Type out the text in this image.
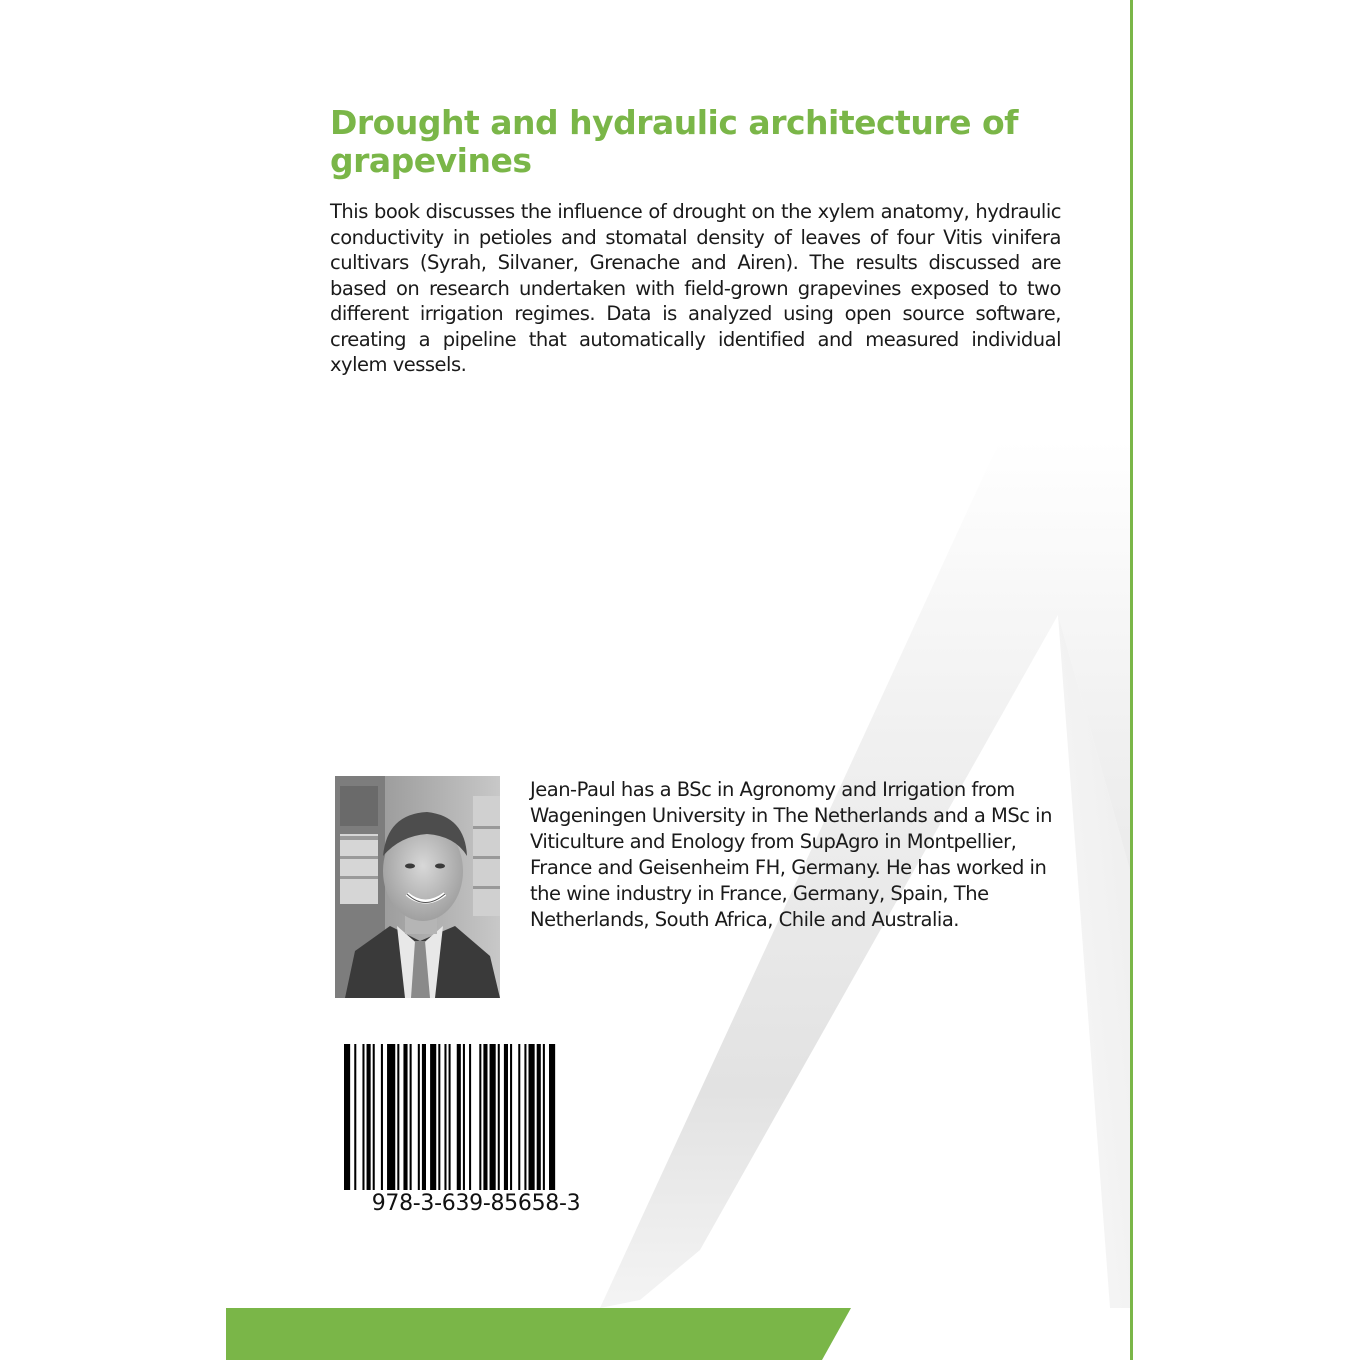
Drought and hydraulic architecture of grapevines

This book discusses the influence of drought on the xylem anatomy, hydraulic conductivity in petioles and stomatal density of leaves of four Vitis vinifera cultivars (Syrah, Silvaner, Grenache and Airen). The results discussed are based on research undertaken with field-grown grapevines exposed to two different irrigation regimes. Data is analyzed using open source software, creating a pipeline that automatically identified and measured individual xylem vessels.

Jean-Paul has a BSc in Agronomy and Irrigation from Wageningen University in The Netherlands and a MSc in Viticulture and Enology from SupAgro in Montpellier, France and Geisenheim FH, Germany. He has worked in the wine industry in France, Germany, Spain, The Netherlands, South Africa, Chile and Australia.

978-3-639-85658-3
